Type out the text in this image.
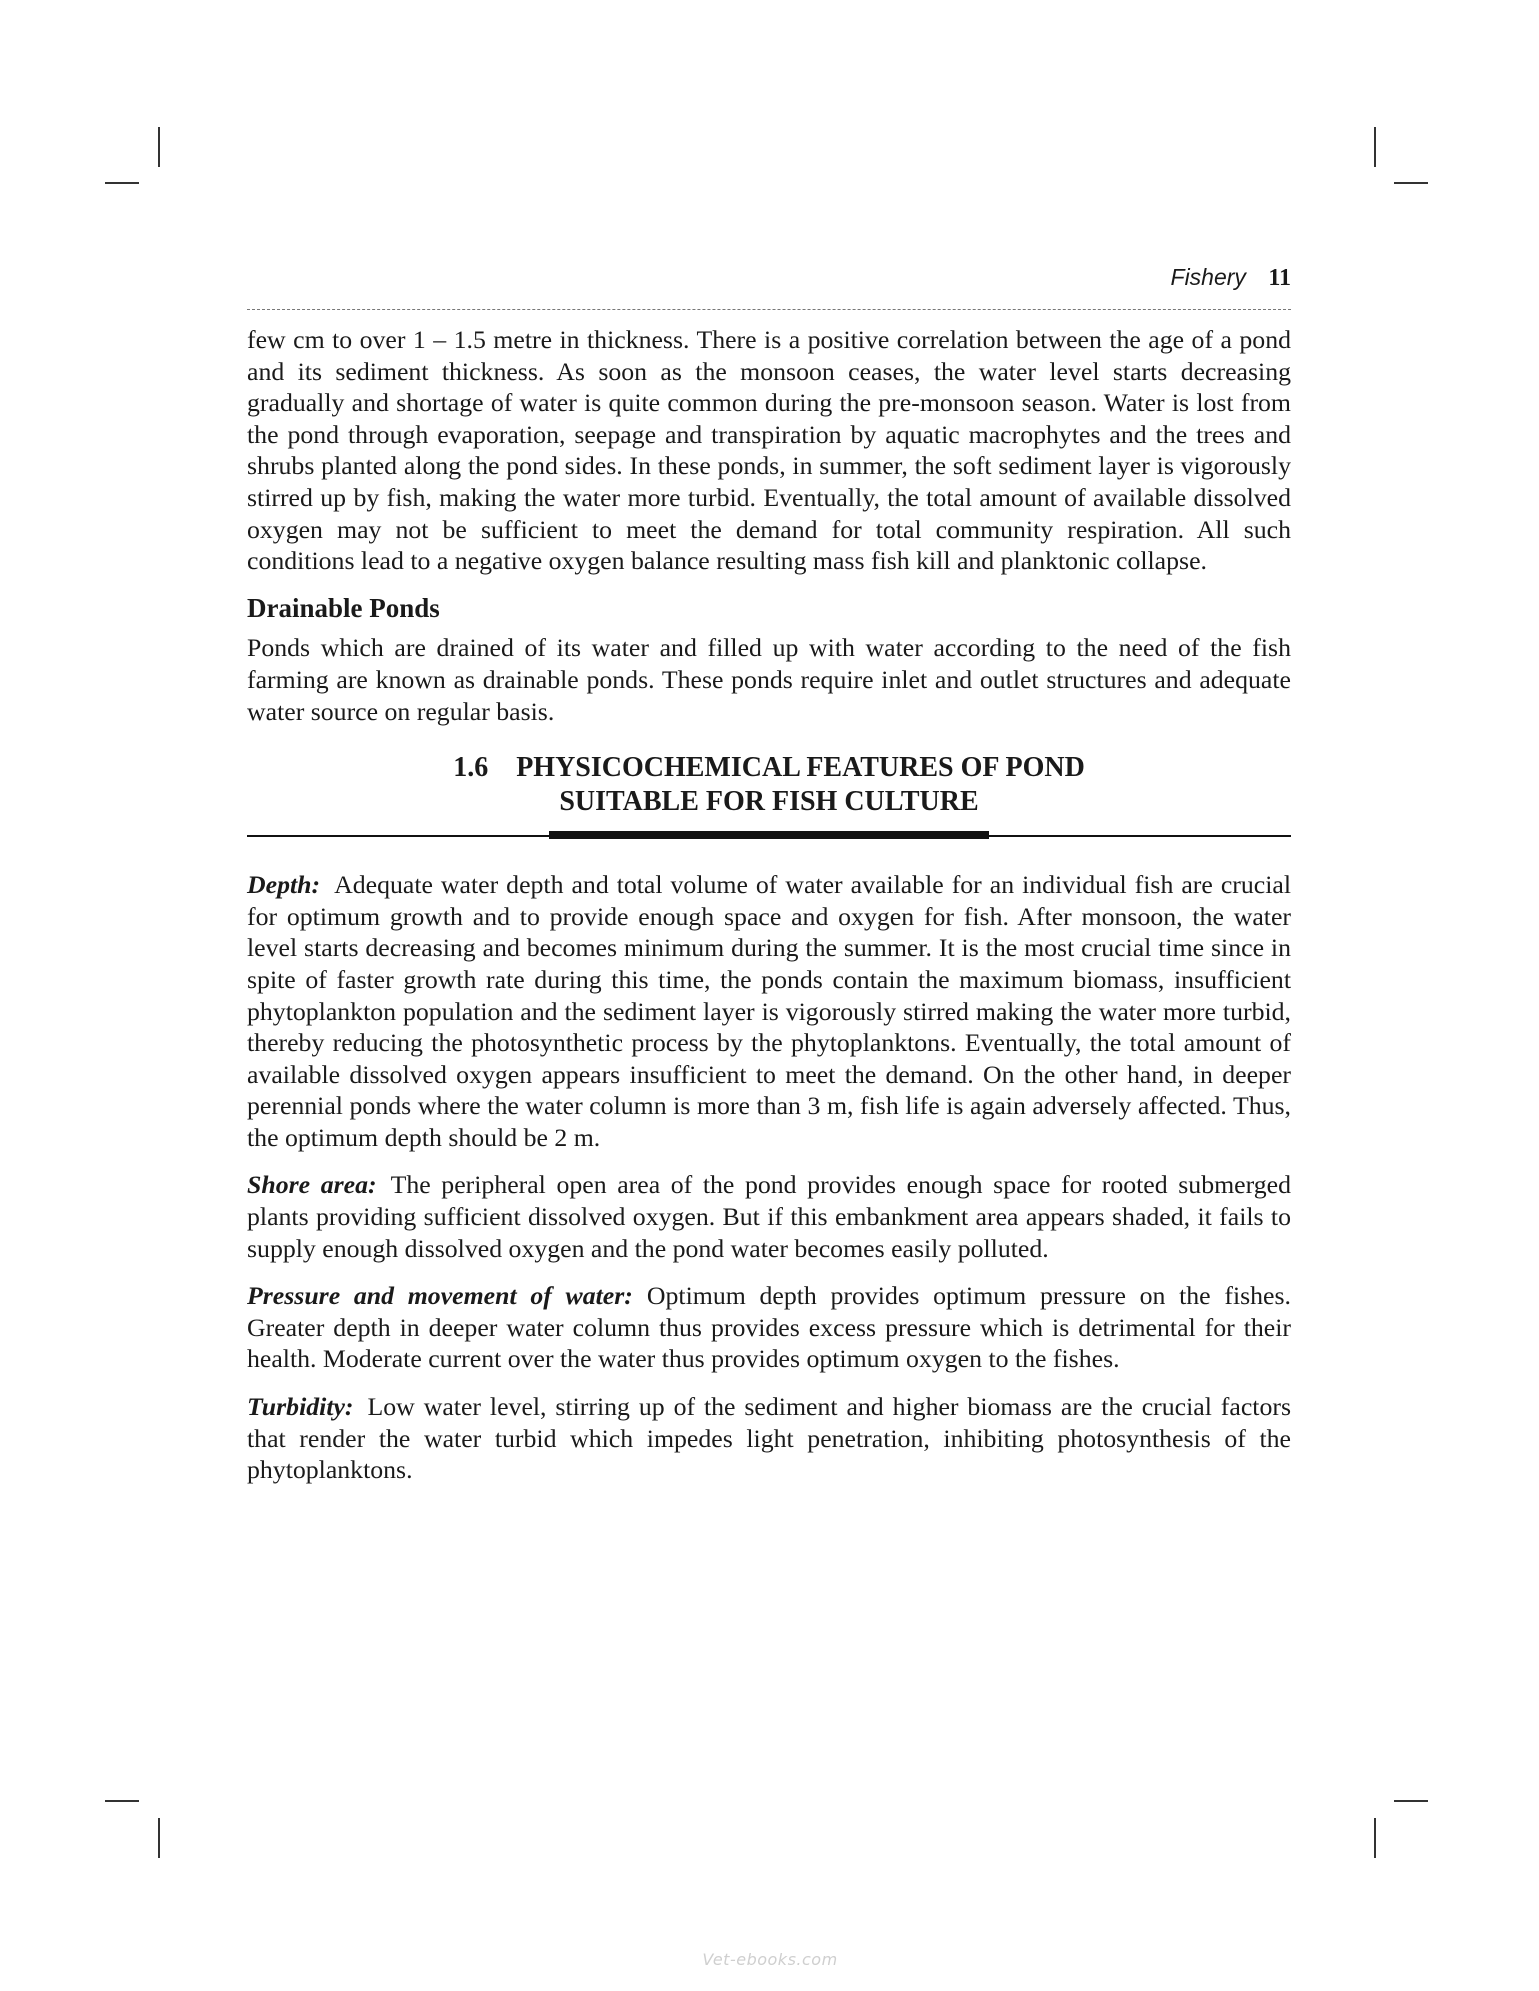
Fishery 11

few cm to over 1 – 1.5 metre in thickness. There is a positive correlation between the age of a pond and its sediment thickness. As soon as the monsoon ceases, the water level starts decreasing gradually and shortage of water is quite common during the pre-monsoon season. Water is lost from the pond through evaporation, seepage and transpiration by aquatic macrophytes and the trees and shrubs planted along the pond sides. In these ponds, in summer, the soft sediment layer is vigorously stirred up by fish, making the water more turbid. Eventually, the total amount of available dissolved oxygen may not be sufficient to meet the demand for total community respiration. All such conditions lead to a negative oxygen balance resulting mass fish kill and planktonic collapse.

Drainable Ponds

Ponds which are drained of its water and filled up with water according to the need of the fish farming are known as drainable ponds. These ponds require inlet and outlet structures and adequate water source on regular basis.

1.6 PHYSICOCHEMICAL FEATURES OF POND
SUITABLE FOR FISH CULTURE

Depth: Adequate water depth and total volume of water available for an individual fish are crucial for optimum growth and to provide enough space and oxygen for fish. After monsoon, the water level starts decreasing and becomes minimum during the summer. It is the most crucial time since in spite of faster growth rate during this time, the ponds contain the maximum biomass, insufficient phytoplankton population and the sediment layer is vigorously stirred making the water more turbid, thereby reducing the photosynthetic process by the phytoplanktons. Eventually, the total amount of available dissolved oxygen appears insufficient to meet the demand. On the other hand, in deeper perennial ponds where the water column is more than 3 m, fish life is again adversely affected. Thus, the optimum depth should be 2 m.

Shore area: The peripheral open area of the pond provides enough space for rooted submerged plants providing sufficient dissolved oxygen. But if this embankment area appears shaded, it fails to supply enough dissolved oxygen and the pond water becomes easily polluted.

Pressure and movement of water: Optimum depth provides optimum pressure on the fishes. Greater depth in deeper water column thus provides excess pressure which is detrimental for their health. Moderate current over the water thus provides optimum oxygen to the fishes.

Turbidity: Low water level, stirring up of the sediment and higher biomass are the crucial factors that render the water turbid which impedes light penetration, inhibiting photosynthesis of the phytoplanktons.

Vet-ebooks.com
